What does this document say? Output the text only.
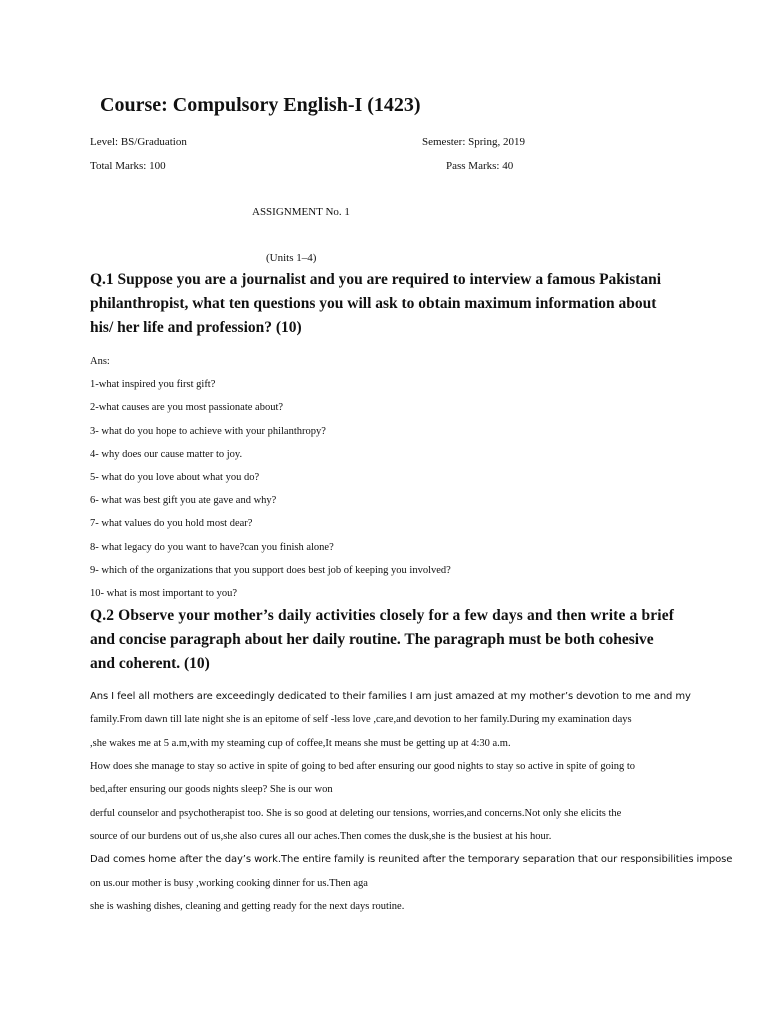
Course: Compulsory English-I (1423)
Level: BS/Graduation	Semester: Spring, 2019
Total Marks: 100	Pass Marks: 40
ASSIGNMENT No. 1
(Units 1–4)
Q.1 Suppose you are a journalist and you are required to interview a famous Pakistani
philanthropist, what ten questions you will ask to obtain maximum information about
his/ her life and profession? (10)
Ans:
1-what inspired you first gift?
2-what causes are you most passionate about?
3- what do you hope to achieve with your philanthropy?
4- why does our cause matter to joy.
5- what do you love about what you do?
6- what was best gift you ate gave and why?
7- what values do you hold most dear?
8- what legacy do you want to have?can you finish alone?
9- which of the organizations that you support does best job of keeping you involved?
10- what is most important to you?
Q.2 Observe your mother’s daily activities closely for a few days and then write a brief
and concise paragraph about her daily routine. The paragraph must be both cohesive
and coherent. (10)
Ans I feel all mothers are exceedingly dedicated to their families I am just amazed at my mother’s devotion to me and my
family.From dawn till late night she is an epitome of self -less love ,care,and devotion to her family.During my examination days
,she wakes me at 5 a.m,with my steaming cup of coffee,It means she must be getting up at 4:30 a.m.
How does she manage to stay so active in spite of going to bed after ensuring our good nights to stay so active in spite of going to
bed,after ensuring our goods nights sleep? She is our won
derful counselor and psychotherapist too. She is so good at deleting our tensions, worries,and concerns.Not only she elicits the
source of our burdens out of us,she also cures all our aches.Then comes the dusk,she is the busiest at his hour.
Dad comes home after the day’s work.The entire family is reunited after the temporary separation that our responsibilities impose
on us.our mother is busy ,working cooking dinner for us.Then aga
she is washing dishes, cleaning and getting ready for the next days routine.
